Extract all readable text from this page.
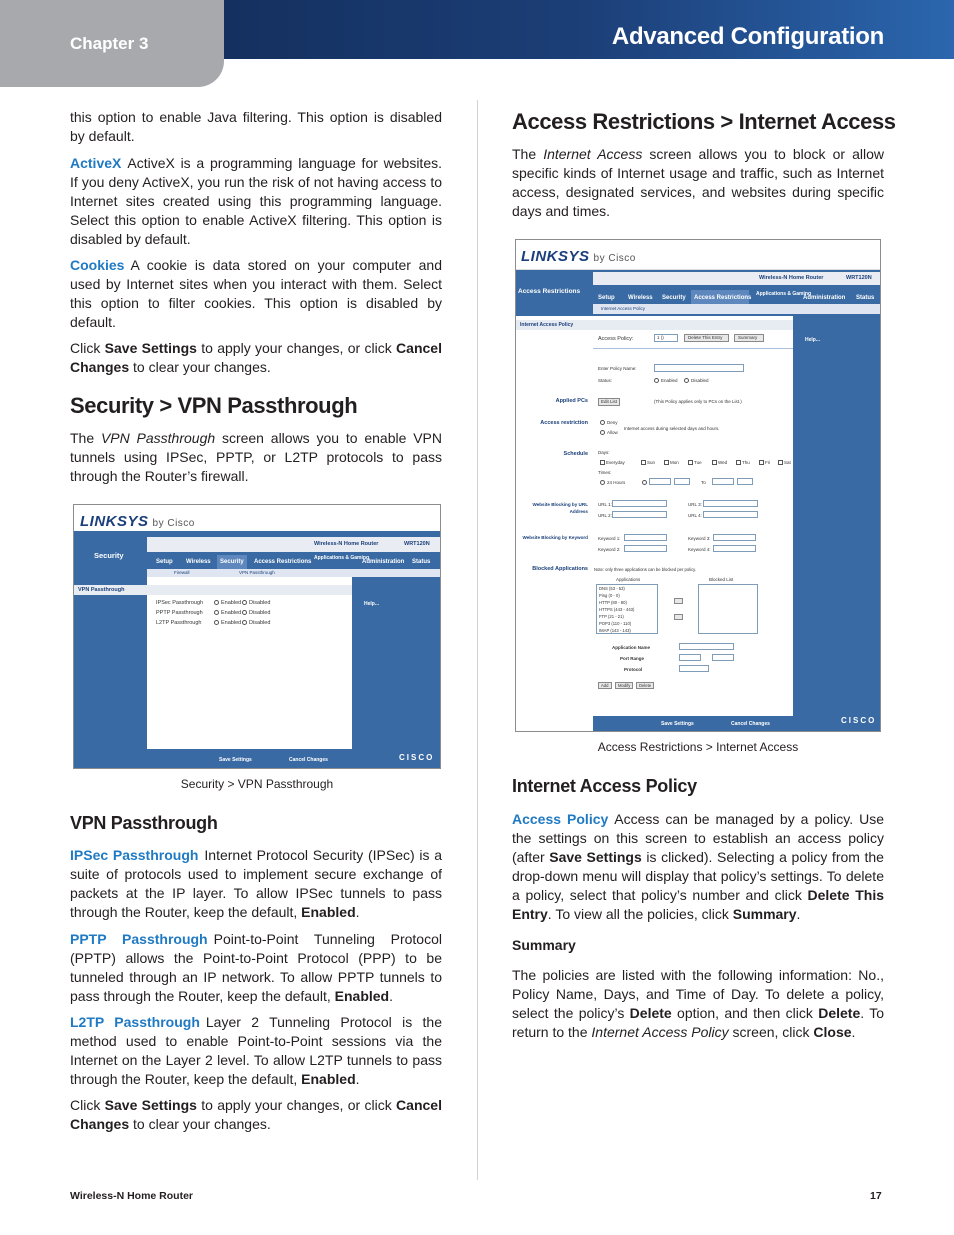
Chapter 3	Advanced Configuration
this option to enable Java filtering. This option is disabled by default.
ActiveX ActiveX is a programming language for websites. If you deny ActiveX, you run the risk of not having access to Internet sites created using this programming language. Select this option to enable ActiveX filtering. This option is disabled by default.
Cookies A cookie is data stored on your computer and used by Internet sites when you interact with them. Select this option to filter cookies. This option is disabled by default.
Click Save Settings to apply your changes, or click Cancel Changes to clear your changes.
Security > VPN Passthrough
The VPN Passthrough screen allows you to enable VPN tunnels using IPSec, PPTP, or L2TP protocols to pass through the Router’s firewall.
LINKSYS by Cisco
Security
Wireless-N Home Router	WRT120N
Setup Wireless Security Access Restrictions
Applications & Gaming
Administration Status
Firewall	VPN Passthrough
VPN Passthrough
IPSec Passthrough
PPTP Passthrough
L2TP Passthrough
Enabled Disabled
Enabled Disabled
Enabled Disabled
Help...
Save Settings	Cancel Changes	CISCO
Security > VPN Passthrough
VPN Passthrough
IPSec Passthrough Internet Protocol Security (IPSec) is a suite of protocols used to implement secure exchange of packets at the IP layer. To allow IPSec tunnels to pass through the Router, keep the default, Enabled.
PPTP Passthrough Point-to-Point Tunneling Protocol (PPTP) allows the Point-to-Point Protocol (PPP) to be tunneled through an IP network. To allow PPTP tunnels to pass through the Router, keep the default, Enabled.
L2TP Passthrough Layer 2 Tunneling Protocol is the method used to enable Point-to-Point sessions via the Internet on the Layer 2 level. To allow L2TP tunnels to pass through the Router, keep the default, Enabled.
Click Save Settings to apply your changes, or click Cancel Changes to clear your changes.
Access Restrictions > Internet Access
The Internet Access screen allows you to block or allow specific kinds of Internet usage and traffic, such as Internet access, designated services, and websites during specific days and times.
LINKSYS by Cisco
Access Restrictions
Wireless-N Home Router	WRT120N
Setup Wireless Security Access Restrictions
Applications & Gaming
Administration Status
Internet Access Policy
Internet Access Policy
Applied PCs
Access restriction
Schedule
Website Blocking by URL Address
Website Blocking by Keyword
Blocked Applications
Access Policy:	1 ()	Delete This Entry	Summary
Enter Policy Name:
Status:	Enabled	Disabled
Edit List	(This Policy applies only to PCs on the List.)
Deny
Allow
Internet access during selected days and hours.
Days:
Everyday	Sun	Mon	Tue	Wed	Thu	Fri	Sat
Times:
24 Hours	To
URL 1:
URL 2:
URL 3:
URL 4:
Keyword 1:
Keyword 2:
Keyword 3:
Keyword 4:
Note: only three applications can be blocked per policy.
Applications	Blocked List
DNS (53 - 53)
Ping (0 - 0)
HTTP (80 - 80)
HTTPS (443 - 443)
FTP (21 - 21)
POP3 (110 - 110)
IMAP (143 - 143)
Application Name
Port Range
Protocol
Add Modify Delete
Help...
Save Settings	Cancel Changes	CISCO
Access Restrictions > Internet Access
Internet Access Policy
Access Policy Access can be managed by a policy. Use the settings on this screen to establish an access policy (after Save Settings is clicked). Selecting a policy from the drop-down menu will display that policy’s settings. To delete a policy, select that policy’s number and click Delete This Entry. To view all the policies, click Summary.
Summary
The policies are listed with the following information: No., Policy Name, Days, and Time of Day. To delete a policy, select the policy’s Delete option, and then click Delete. To return to the Internet Access Policy screen, click Close.
Wireless-N Home Router	17
